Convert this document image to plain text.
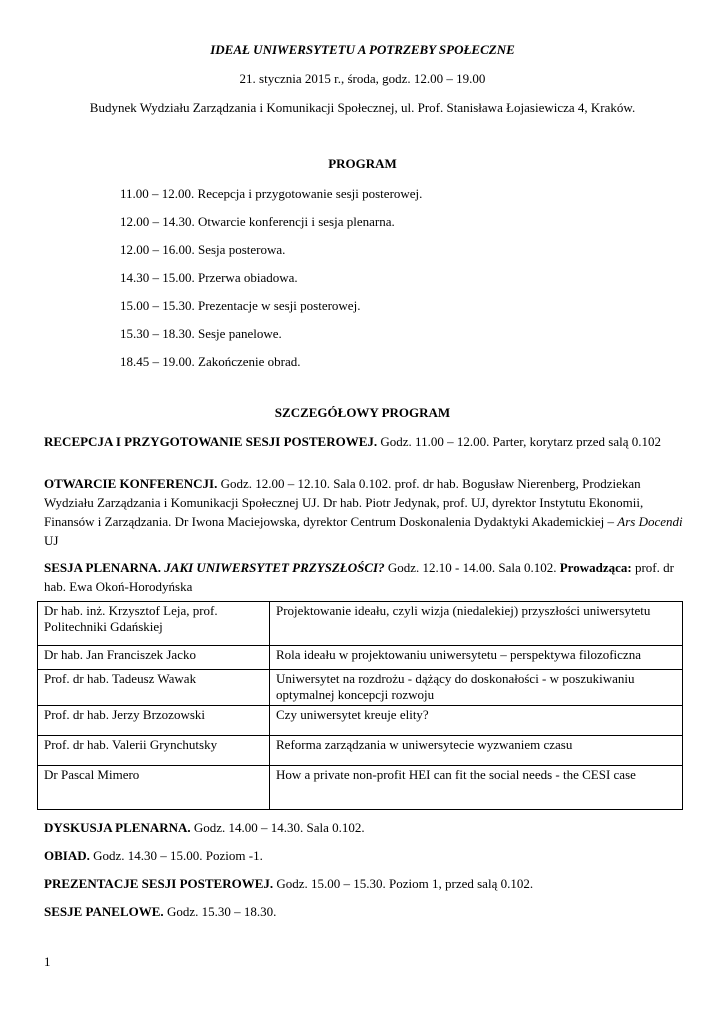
IDEAŁ UNIWERSYTETU A POTRZEBY SPOŁECZNE
21. stycznia 2015 r., środa, godz. 12.00 – 19.00
Budynek Wydziału Zarządzania i Komunikacji Społecznej, ul. Prof. Stanisława Łojasiewicza 4, Kraków.
PROGRAM
11.00 – 12.00. Recepcja i przygotowanie sesji posterowej.
12.00 – 14.30. Otwarcie konferencji i sesja plenarna.
12.00 – 16.00. Sesja posterowa.
14.30 – 15.00. Przerwa obiadowa.
15.00 – 15.30. Prezentacje w sesji posterowej.
15.30 – 18.30. Sesje panelowe.
18.45 – 19.00. Zakończenie obrad.
SZCZEGÓŁOWY PROGRAM
RECEPCJA I PRZYGOTOWANIE SESJI POSTEROWEJ. Godz. 11.00 – 12.00. Parter, korytarz przed salą 0.102
OTWARCIE KONFERENCJI. Godz. 12.00 – 12.10. Sala 0.102. prof. dr hab. Bogusław Nierenberg, Prodziekan Wydziału Zarządzania i Komunikacji Społecznej UJ. Dr hab. Piotr Jedynak, prof. UJ, dyrektor Instytutu Ekonomii, Finansów i Zarządzania. Dr Iwona Maciejowska, dyrektor Centrum Doskonalenia Dydaktyki Akademickiej – Ars Docendi UJ
SESJA PLENARNA. JAKI UNIWERSYTET PRZYSZŁOŚCI? Godz. 12.10 - 14.00. Sala 0.102. Prowadząca: prof. dr hab. Ewa Okoń-Horodyńska
Dr hab. inż. Krzysztof Leja, prof. Politechniki Gdańskiej	Projektowanie ideału, czyli wizja (niedalekiej) przyszłości uniwersytetu
Dr hab. Jan Franciszek Jacko	Rola ideału w projektowaniu uniwersytetu – perspektywa filozoficzna
Prof. dr hab. Tadeusz Wawak	Uniwersytet na rozdrożu - dążący do doskonałości - w poszukiwaniu optymalnej koncepcji rozwoju
Prof. dr hab. Jerzy Brzozowski	Czy uniwersytet kreuje elity?
Prof. dr hab. Valerii Grynchutsky	Reforma zarządzania w uniwersytecie wyzwaniem czasu
Dr Pascal Mimero	How a private non-profit HEI can fit the social needs - the CESI case
DYSKUSJA PLENARNA. Godz. 14.00 – 14.30. Sala 0.102.
OBIAD. Godz. 14.30 – 15.00. Poziom -1.
PREZENTACJE SESJI POSTEROWEJ. Godz. 15.00 – 15.30. Poziom 1, przed salą 0.102.
SESJE PANELOWE. Godz. 15.30 – 18.30.
1
